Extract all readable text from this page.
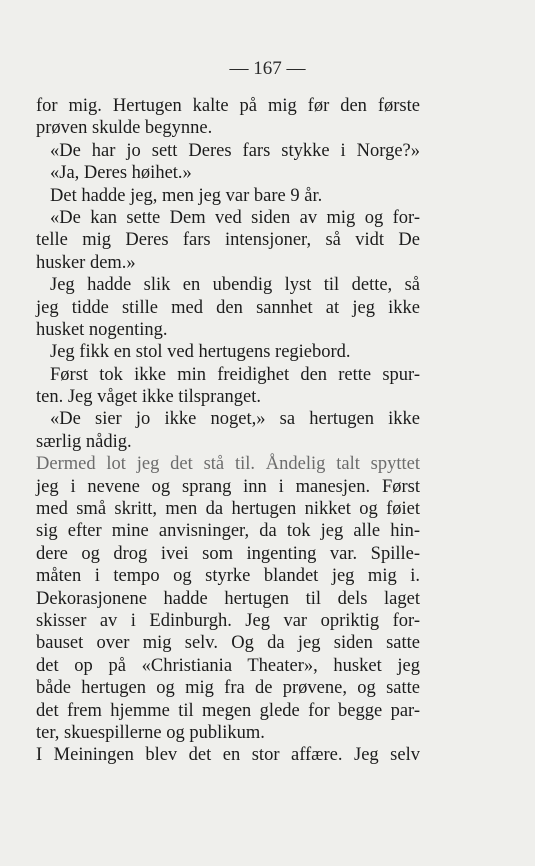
— 167 —
for mig. Hertugen kalte på mig før den første
prøven skulde begynne.
«De har jo sett Deres fars stykke i Norge?»
«Ja, Deres høihet.»
Det hadde jeg, men jeg var bare 9 år.
«De kan sette Dem ved siden av mig og for-
telle mig Deres fars intensjoner, så vidt De
husker dem.»
Jeg hadde slik en ubendig lyst til dette, så
jeg tidde stille med den sannhet at jeg ikke
husket nogenting.
Jeg fikk en stol ved hertugens regiebord.
Først tok ikke min freidighet den rette spur-
ten. Jeg våget ikke tilspranget.
«De sier jo ikke noget,» sa hertugen ikke
særlig nådig.
Dermed lot jeg det stå til. Åndelig talt spyttet
jeg i nevene og sprang inn i manesjen. Først
med små skritt, men da hertugen nikket og føiet
sig efter mine anvisninger, da tok jeg alle hin-
dere og drog ivei som ingenting var. Spille-
måten i tempo og styrke blandet jeg mig i.
Dekorasjonene hadde hertugen til dels laget
skisser av i Edinburgh. Jeg var opriktig for-
bauset over mig selv. Og da jeg siden satte
det op på «Christiania Theater», husket jeg
både hertugen og mig fra de prøvene, og satte
det frem hjemme til megen glede for begge par-
ter, skuespillerne og publikum.
I Meiningen blev det en stor affære. Jeg selv
